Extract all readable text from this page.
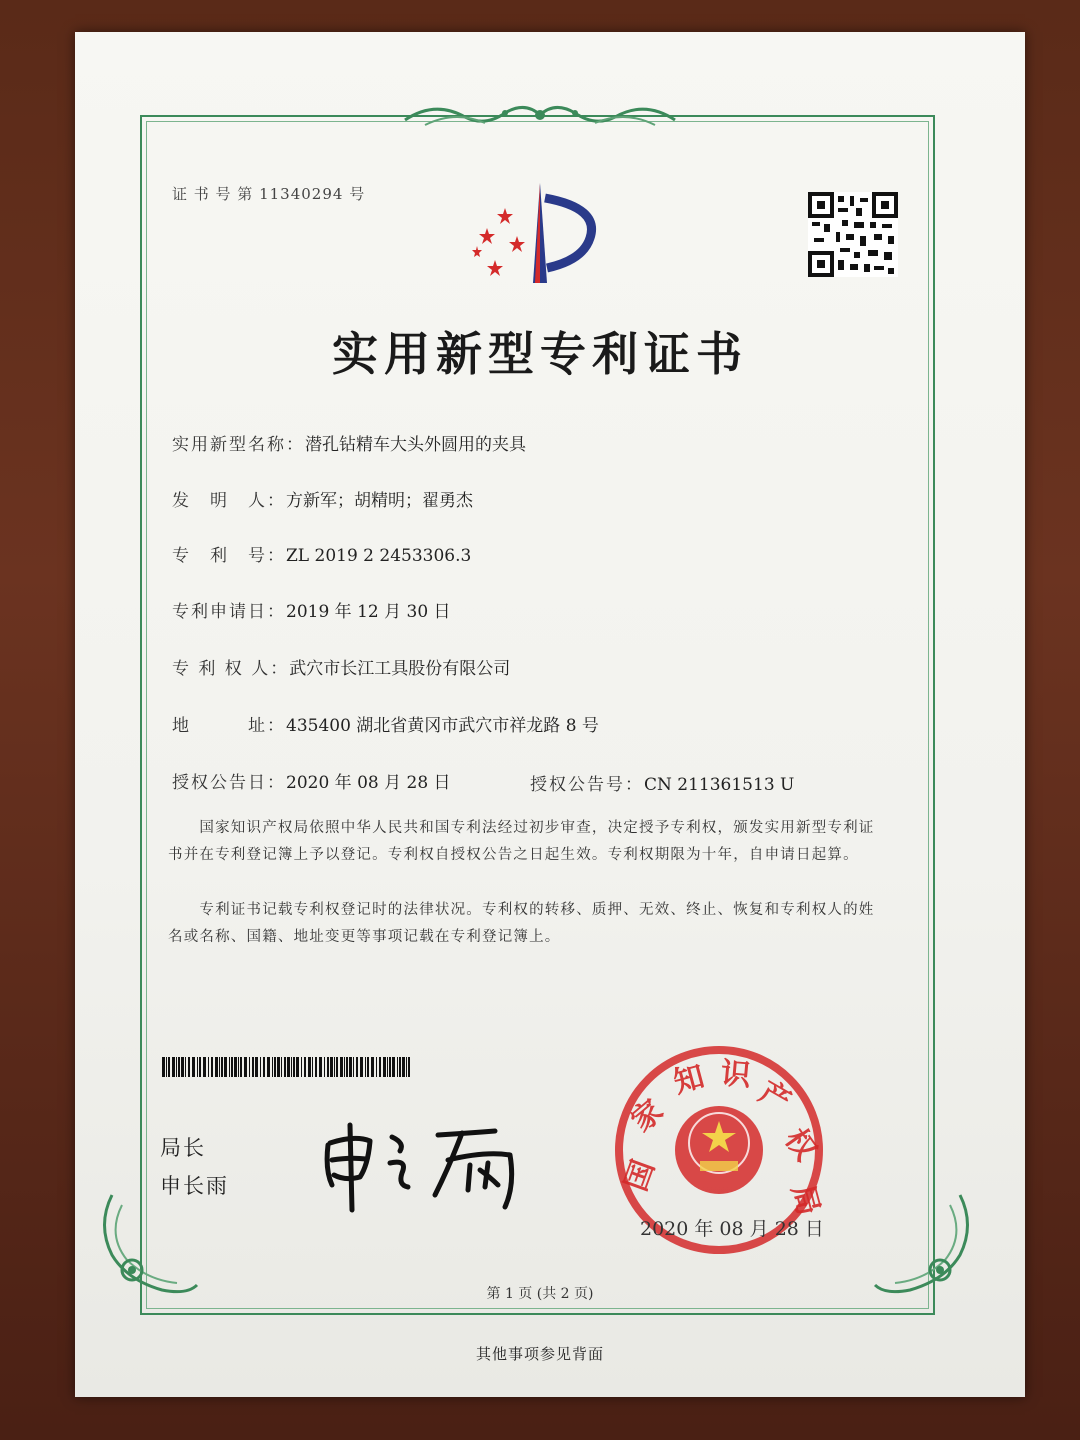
证 书 号 第 11340294 号
实用新型专利证书
实用新型名称：潜孔钻精车大头外圆用的夹具
发　明　人：方新军；胡精明；翟勇杰
专　利　号：ZL 2019 2 2453306.3
专利申请日：2019 年 12 月 30 日
专 利 权 人：武穴市长江工具股份有限公司
地　　　址：435400 湖北省黄冈市武穴市祥龙路 8 号
授权公告日：2020 年 08 月 28 日	授权公告号：CN 211361513 U
　　国家知识产权局依照中华人民共和国专利法经过初步审查，决定授予专利权，颁发实用新型专利证书并在专利登记簿上予以登记。专利权自授权公告之日起生效。专利权期限为十年，自申请日起算。
　　专利证书记载专利权登记时的法律状况。专利权的转移、质押、无效、终止、恢复和专利权人的姓名或名称、国籍、地址变更等事项记载在专利登记簿上。
局长
申长雨	国
家
知 识 产
权
局
2020 年 08 月 28 日
第 1 页 (共 2 页)
其他事项参见背面
